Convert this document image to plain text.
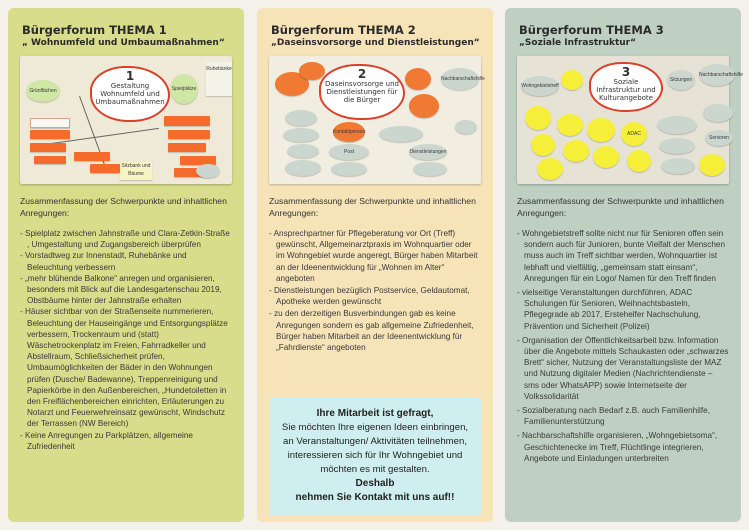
Bürgerforum THEMA 1
„ Wohnumfeld und Umbaumaßnahmen“
Grünflächen
1
Gestaltung Wohnumfeld und Umbaumaßnahmen
Spielplätze
Ruhebänke
Sitzbank und Bäume
Zusammenfassung der Schwerpunkte und inhaltlichen Anregungen:
- Spielplatz zwischen Jahnstraße und Clara-Zetkin-Straße , Umgestaltung und Zugangsbereich überprüfen
- Vorstadtweg zur Innenstadt, Ruhebänke und Beleuchtung verbessern
- „mehr blühende Balkone“ anregen und organisieren, besonders mit Blick auf die Landesgartenschau 2019, Obstbäume hinter der Jahnstraße erhalten
- Häuser sichtbar von der Straßenseite nummerieren, Beleuchtung der Hauseingänge und Entsorgungsplätze verbessern, Trockenraum und (statt) Wäschetrockenplatz im Freien, Fahrradkeller und Abstellraum, Schließsicherheit prüfen, Umbaumöglichkeiten der Bäder in den Wohnungen prüfen (Dusche/ Badewanne), Treppenreinigung und Papierkörbe in den Außenbereichen, „Hundetoiletten in den Freiflächenbereichen einrichten, Erläuterungen zu Notarzt und Feuerwehreinsatz gewünscht, Windschutz der Terrassen (NW Bereich)
- Keine Anregungen zu Parkplätzen, allgemeine Zufriedenheit
Bürgerforum THEMA 2
„Daseinsvorsorge und Dienstleistungen“
2
Daseinsvorsorge und Dienstleistungen für die Bürger
Nachbarschaftshilfe
Kontaktperson
Post	Dienstleistungen
Zusammenfassung der Schwerpunkte und inhaltlichen Anregungen:
- Ansprechpartner für Pflegeberatung vor Ort (Treff) gewünscht, Allgemeinarztpraxis im Wohnquartier oder im Wohngebiet wurde angeregt, Bürger haben Mitarbeit an der Ideenentwicklung für „Wohnen im Alter“ angeboten
- Dienstleistungen bezüglich Postservice, Geldautomat, Apotheke werden gewünscht
- zu den derzeitigen Busverbindungen gab es keine Anregungen sondern es gab allgemeine Zufriedenheit, Bürger haben Mitarbeit an der Ideenentwicklung für „Fahrdienste“ angeboten
Ihre Mitarbeit ist gefragt,
Sie möchten Ihre eigenen Ideen einbringen, an Veranstaltungen/ Aktivitäten teilnehmen, interessieren sich für Ihr Wohngebiet und möchten es mit gestalten.
Deshalb
nehmen Sie Kontakt mit uns auf!!
Bürgerforum THEMA 3
„Soziale Infrastruktur“
Wohngebietstreff
3
Soziale Infrastruktur und Kulturangebote
Sitzungen
Nachbarschaftshilfe
ADAC
Senioren
Zusammenfassung der Schwerpunkte und inhaltlichen Anregungen:
- Wohngebietstreff sollte nicht nur für Senioren offen sein sondern auch für Junioren, bunte Vielfalt der Menschen muss auch im Treff sichtbar werden, Wohnquartier ist lebhaft und vielfältig, „gemeinsam statt einsam“, Anregungen für ein Logo/ Namen für den Treff finden
- vielseitige Veranstaltungen durchführen, ADAC Schulungen für Senioren, Weihnachtsbasteln, Pflegegrade ab 2017, Erstehelfer Nachschulung, Prävention und Sicherheit (Polizei)
- Organisation der Öffentlichkeitsarbeit bzw. Information über die Angebote mittels Schaukasten oder „schwarzes Brett“ sicher, Nutzung der Veranstaltungsliste der MAZ und Nutzung digitaler Medien (Nachrichtendienste – sms oder WhatsAPP) sowie Internetseite der Volkssolidarität
- Sozialberatung nach Bedarf z.B. auch Familienhilfe, Familienunterstützung
- Nachbarschaftshilfe organisieren, „Wohngebietsoma“, Geschichtenecke im Treff, Flüchtlinge integrieren, Angebote und Einladungen unterbreiten
